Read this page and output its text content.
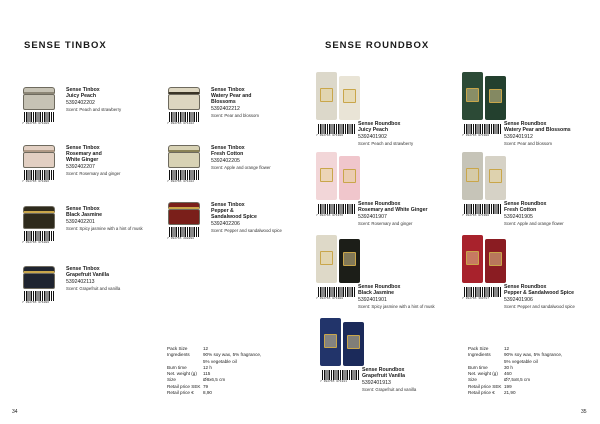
SENSE TINBOX
7 392765 071089

Sense Tinbox
Juicy Peach

5392402202

Scent: Peach and strawberry

7 392765 071102

Sense Tinbox
Watery Pear and
Blossoms

5392402212

Scent: Pear and blossom

7 392765 071096

Sense Tinbox
Rosemary and
White Ginger

5392402207

Scent: Rosemary and ginger

7 392765 071102

Sense Tinbox
Fresh Cotton

5392402205

Scent: Apple and orange flower

7 392765 071089

Sense Tinbox
Black Jasmine

5392402201

Scent: Spicy jasmine with a hint of musk

7 392765 208898

Sense Tinbox
Pepper &
Sandalwood Spice

5392402206

Scent: Pepper and sandalwood spice

7 392765 071096

Sense Tinbox
Grapefruit Vanilla

5392402113

Scent: Grapefruit and vanilla

Pack Size	12
Ingredients	90% soy wax, 5% fragrance,
5% vegetable oil
Burn time	12 h
Net. weight (g)	115
Size	Ø8x6,5 cm
Retail price SEK	79
Retail price €	8,90
34
SENSE ROUNDBOX
7 392765 071980

Sense Roundbox
Juicy Peach

5392401902

Scent: Peach and strawberry

7 392765 071980

Sense Roundbox
Watery Pear and Blossoms

5392401912

Scent: Pear and blossom

7 392765 071976

Sense Roundbox
Rosemary and White Ginger

5392401907

Scent: Rosemary and ginger

7 392765 071990

Sense Roundbox
Fresh Cotton

5392401905

Scent: Apple and orange flower

7 392765 071908

Sense Roundbox
Black Jasmine

5392401901

Scent: Spicy jasmine with a hint of musk

7 392765 363787

Sense Roundbox
Pepper & Sandalwood Spice

5392401906

Scent: Pepper and sandalwood spice

7 392765 071911

Sense Roundbox
Grapefruit Vanilla

5392401913

Scent: Grapefruit and vanilla

Pack Size	12
Ingredients	90% soy wax, 5% fragrance,
5% vegetable oil
Burn time	30 h
Net. weight (g)	460
Size	Ø7,5x8,5 cm
Retail price SEK	199
Retail price €	21,90
35
